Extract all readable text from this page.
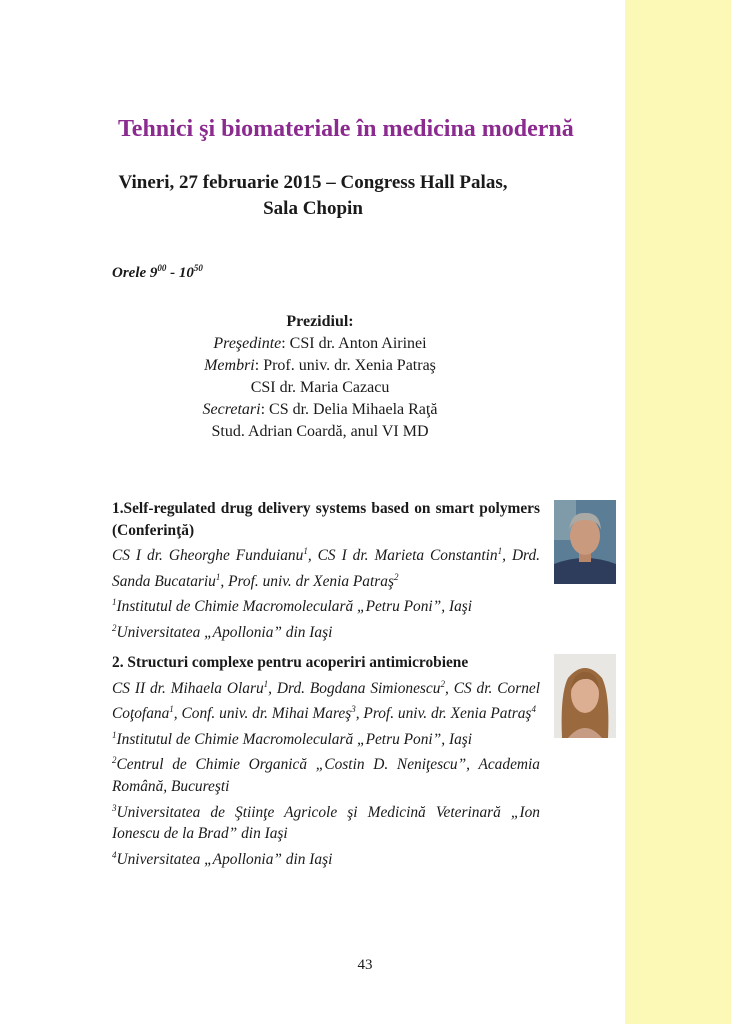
Tehnici şi biomateriale în medicina modernă
Vineri, 27 februarie 2015 – Congress Hall Palas,
Sala Chopin
Orele $9^{00} - 10^{50}$
Prezidiul:
Preşedinte: CSI dr. Anton Airinei
Membri: Prof. univ. dr. Xenia Patraş
CSI dr. Maria Cazacu
Secretari: CS dr. Delia Mihaela Raţă
Stud. Adrian Coardă, anul VI MD
1.Self-regulated drug delivery systems based on smart polymers (Conferinţă)
CS I dr. Gheorghe Funduianu$^1$, CS I dr. Marieta Constantin$^1$, Drd. Sanda Bucatariu$^1$, Prof. univ. dr Xenia Patraş$^2$
$^1$Institutul de Chimie Macromoleculară „Petru Poni”, Iaşi
$^2$Universitatea „Apollonia” din Iaşi
2. Structuri complexe pentru acoperiri antimicrobiene
CS II dr. Mihaela Olaru$^1$, Drd. Bogdana Simionescu$^2$, CS dr. Cornel Coţofana$^1$, Conf. univ. dr. Mihai Mareş$^3$, Prof. univ. dr. Xenia Patraş$^4$
$^1$Institutul de Chimie Macromoleculară „Petru Poni”, Iaşi
$^2$Centrul de Chimie Organică „Costin D. Neniţescu”, Academia Română, Bucureşti
$^3$Universitatea de Ştiinţe Agricole şi Medicină Veterinară „Ion Ionescu de la Brad” din Iaşi
$^4$Universitatea „Apollonia” din Iaşi
43
